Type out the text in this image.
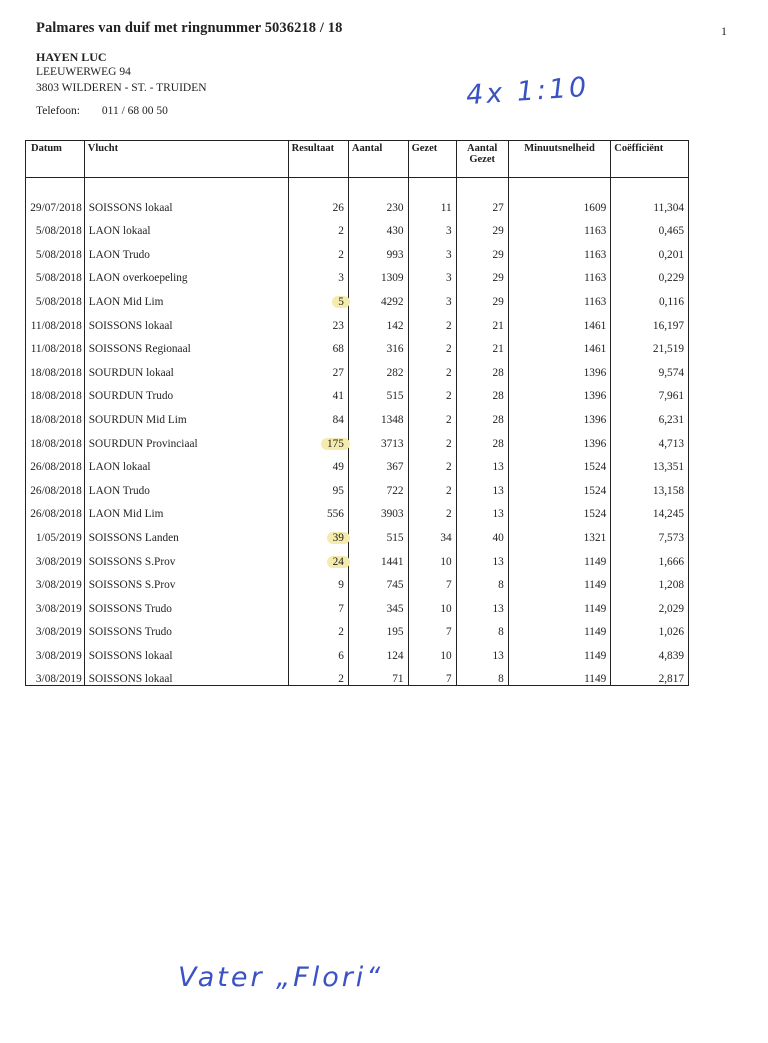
Palmares van duif met ringnummer 5036218 / 18	1
HAYEN LUC
LEEUWERWEG 94
3803 WILDEREN - ST. - TRUIDEN
Telefoon: 011 / 68 00 50	4x 1:10
Datum	Vlucht	Resultaat	Aantal	Gezet	Aantal Gezet	Minuutsnelheid	Coëfficiënt

29/07/2018	SOISSONS lokaal	26	230	11	27	1609	11,304
5/08/2018	LAON lokaal	2	430	3	29	1163	0,465
5/08/2018	LAON Trudo	2	993	3	29	1163	0,201
5/08/2018	LAON overkoepeling	3	1309	3	29	1163	0,229
5/08/2018	LAON Mid Lim	5	4292	3	29	1163	0,116
11/08/2018	SOISSONS lokaal	23	142	2	21	1461	16,197
11/08/2018	SOISSONS Regionaal	68	316	2	21	1461	21,519
18/08/2018	SOURDUN lokaal	27	282	2	28	1396	9,574
18/08/2018	SOURDUN Trudo	41	515	2	28	1396	7,961
18/08/2018	SOURDUN Mid Lim	84	1348	2	28	1396	6,231
18/08/2018	SOURDUN Provinciaal	175	3713	2	28	1396	4,713
26/08/2018	LAON lokaal	49	367	2	13	1524	13,351
26/08/2018	LAON Trudo	95	722	2	13	1524	13,158
26/08/2018	LAON Mid Lim	556	3903	2	13	1524	14,245
1/05/2019	SOISSONS Landen	39	515	34	40	1321	7,573
3/08/2019	SOISSONS S.Prov	24	1441	10	13	1149	1,666
3/08/2019	SOISSONS S.Prov	9	745	7	8	1149	1,208
3/08/2019	SOISSONS Trudo	7	345	10	13	1149	2,029
3/08/2019	SOISSONS Trudo	2	195	7	8	1149	1,026
3/08/2019	SOISSONS lokaal	6	124	10	13	1149	4,839
3/08/2019	SOISSONS lokaal	2	71	7	8	1149	2,817
Vater „Flori“
